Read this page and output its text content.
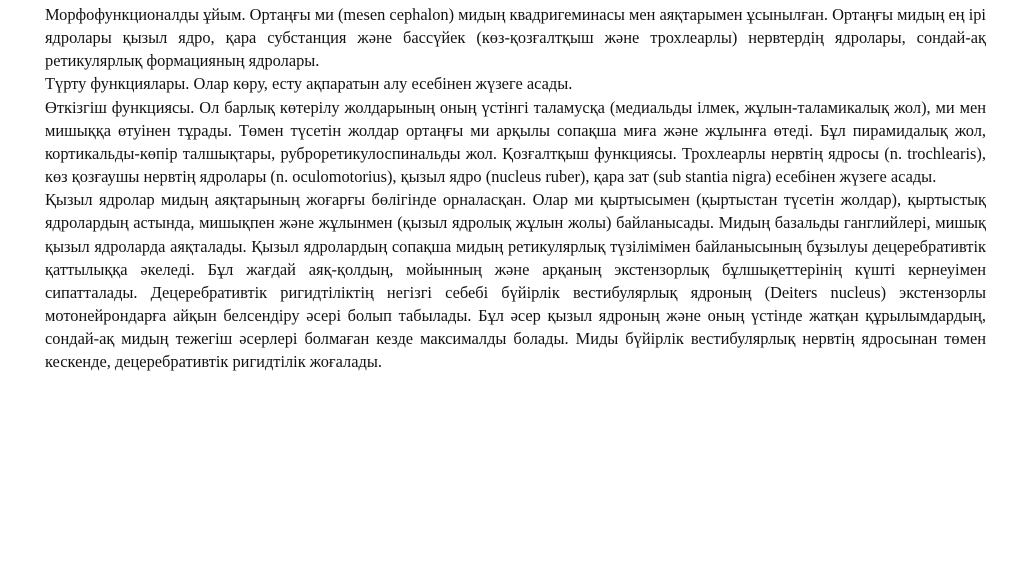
Морфофункционалды ұйым. Ортаңғы ми (mesen cephalon) мидың квадригеминасы мен аяқтарымен ұсынылған. Ортаңғы мидың ең ірі ядролары қызыл ядро, қара субстанция және бассүйек (көз-қозғалтқыш және трохлеарлы) нервтердің ядролары, сондай-ақ ретикулярлық формацияның ядролары.

Түрту функциялары. Олар көру, есту ақпаратын алу есебінен жүзеге асады.

Өткізгіш функциясы. Ол барлық көтерілу жолдарының оның үстінгі таламусқа (медиальды ілмек, жұлын-таламикалық жол), ми мен мишыққа өтуінен тұрады. Төмен түсетін жолдар ортаңғы ми арқылы сопақша миға және жұлынға өтеді. Бұл пирамидалық жол, кортикальды-көпір талшықтары, руброретикулоспинальды жол. Қозғалтқыш функциясы. Трохлеарлы нервтің ядросы (n. trochlearis), көз қозғаушы нервтің ядролары (n. oculomotorius), қызыл ядро (nucleus ruber), қара зат (sub stantia nigra) есебінен жүзеге асады.

Қызыл ядролар мидың аяқтарының жоғарғы бөлігінде орналасқан. Олар ми қыртысымен (қыртыстан түсетін жолдар), қыртыстық ядролардың астында, мишықпен және жұлынмен (қызыл ядролық жұлын жолы) байланысады. Мидың базальды ганглийлері, мишық қызыл ядроларда аяқталады. Қызыл ядролардың сопақша мидың ретикулярлық түзілімімен байланысының бұзылуы децеребративтік қаттылыққа әкеледі. Бұл жағдай аяқ-қолдың, мойынның және арқаның экстензорлық бұлшықеттерінің күшті кернеуімен сипатталады. Децеребративтік ригидтіліктің негізгі себебі бүйірлік вестибулярлық ядроның (Deiters nucleus) экстензорлы мотонейрондарға айқын белсендіру әсері болып табылады. Бұл әсер қызыл ядроның және оның үстінде жатқан құрылымдардың, сондай-ақ мидың тежегіш әсерлері болмаған кезде максималды болады. Миды бүйірлік вестибулярлық нервтің ядросынан төмен кескенде, децеребративтік ригидтілік жоғалады.
